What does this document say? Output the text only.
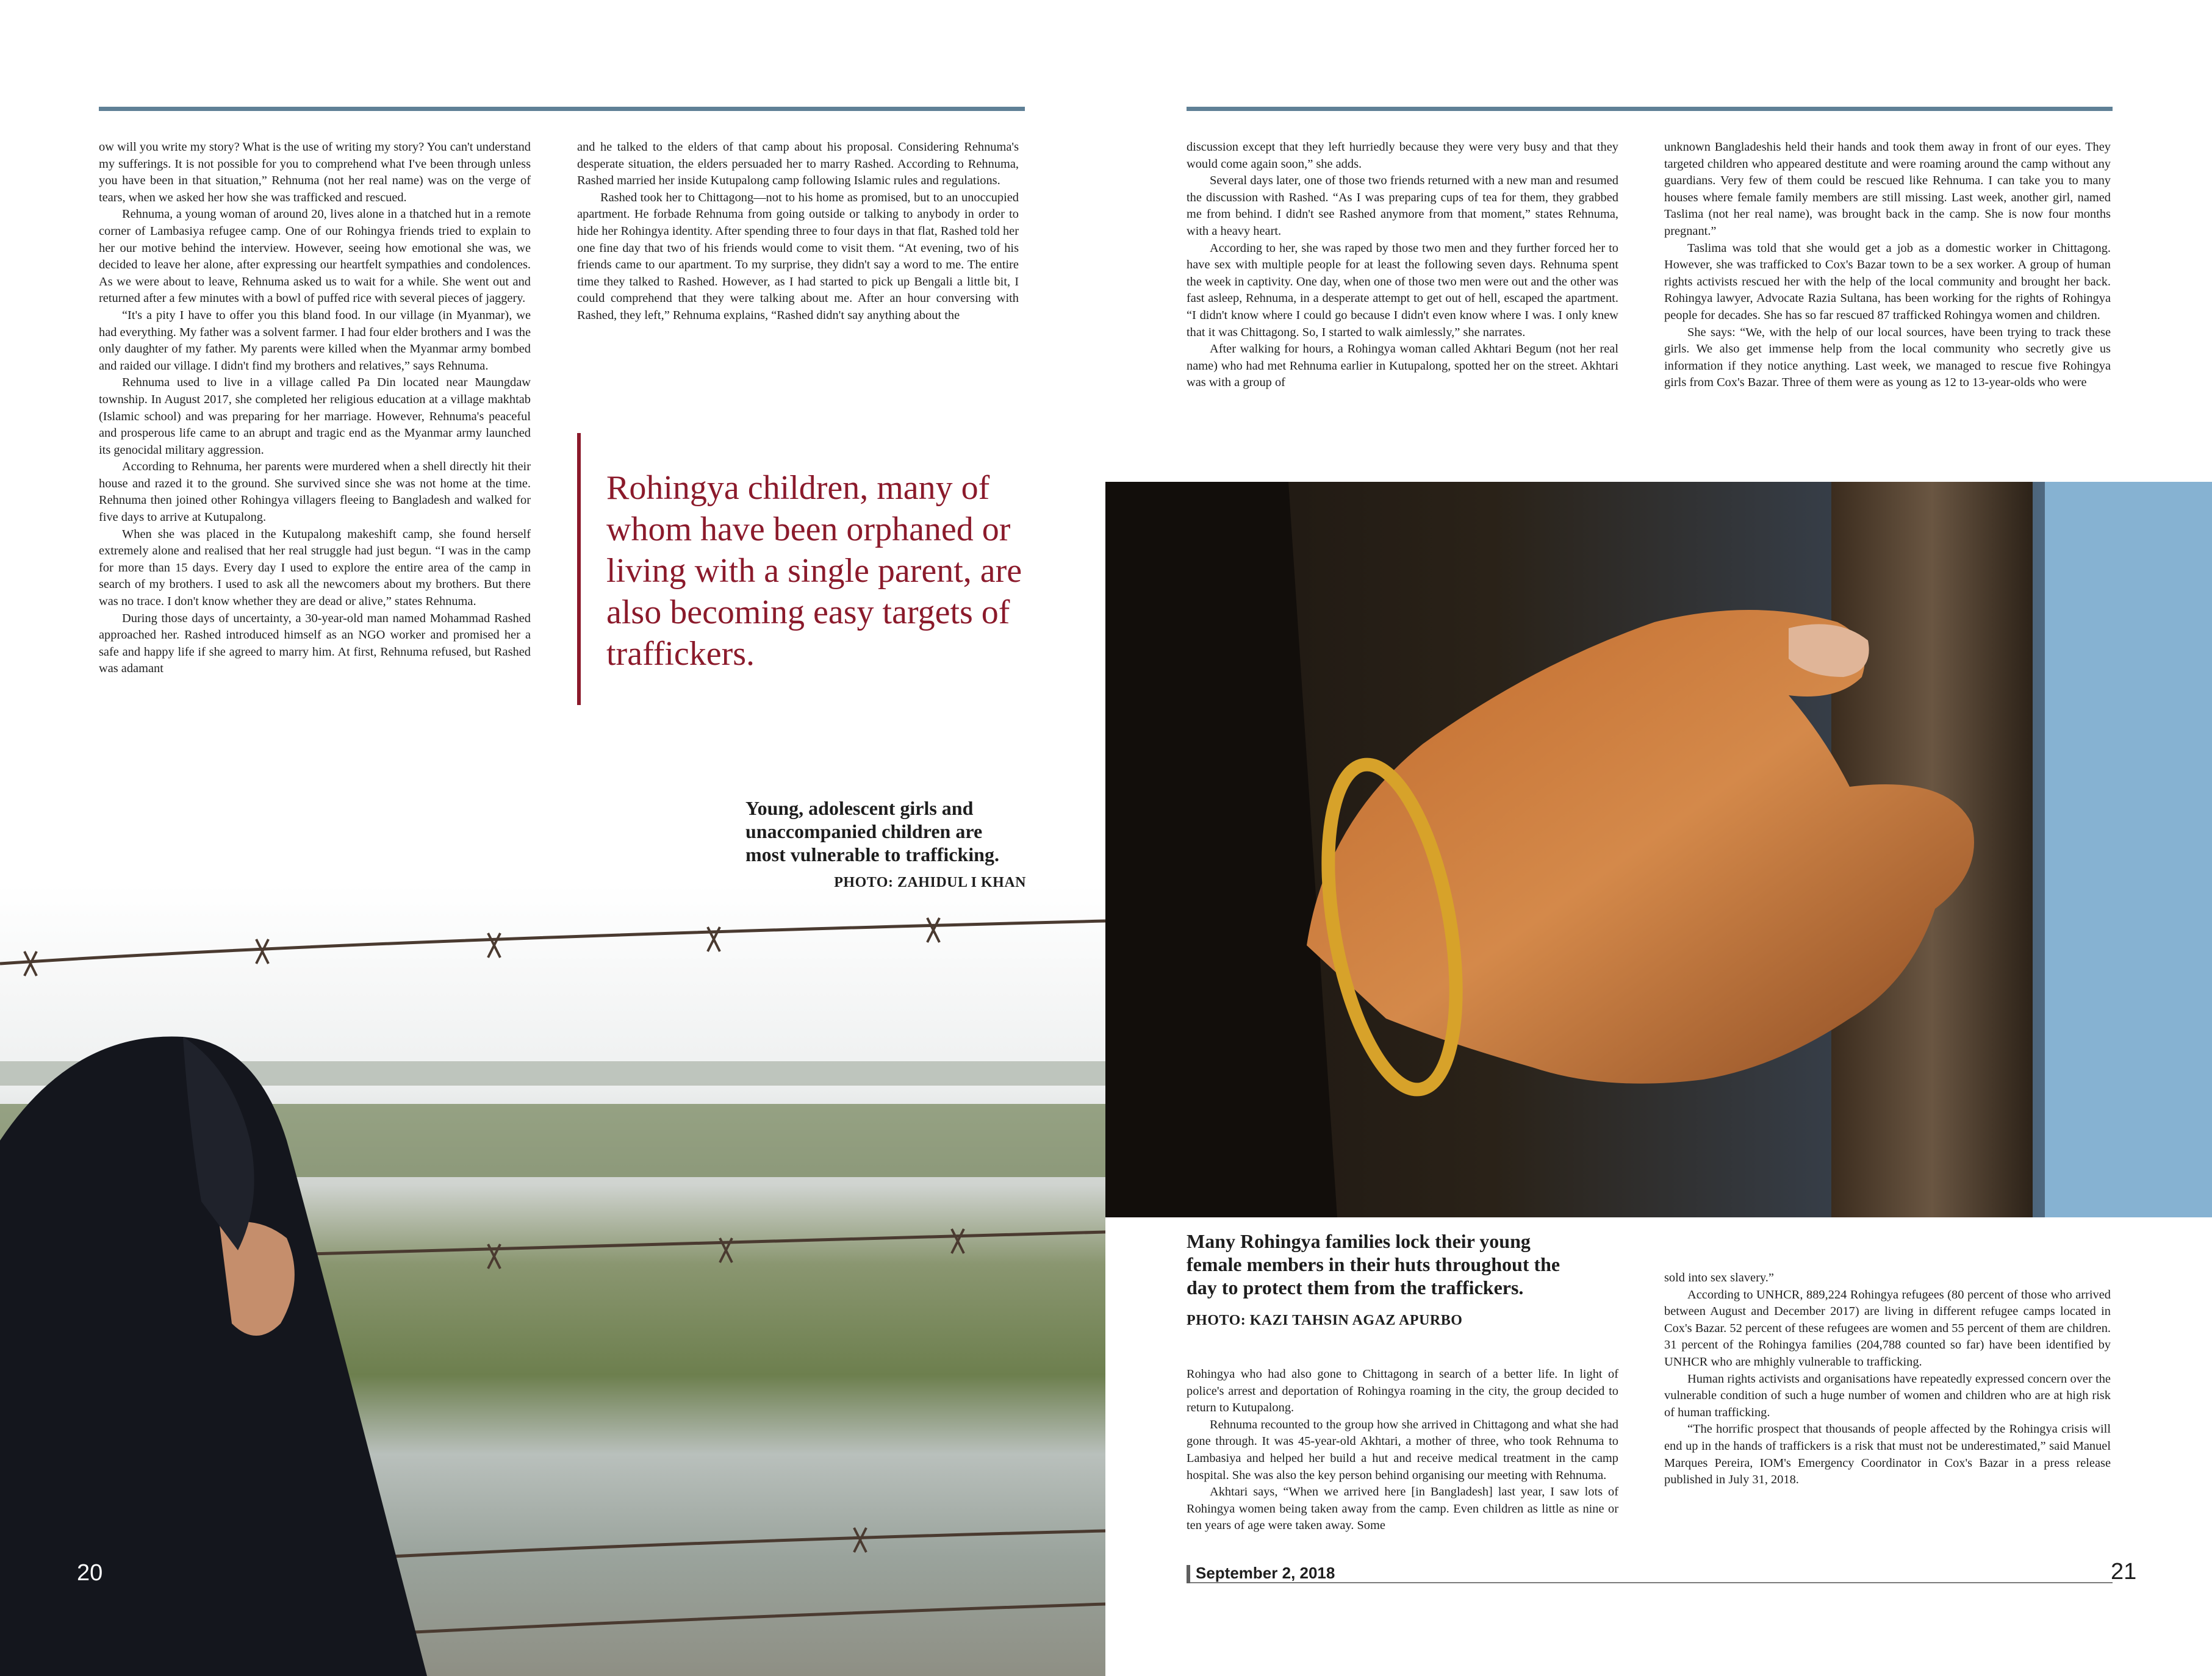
ow will you write my story? What is the use of writing my story? You can't understand my sufferings. It is not possible for you to comprehend what I've been through unless you have been in that situation,” Rehnuma (not her real name) was on the verge of tears, when we asked her how she was trafficked and rescued.

Rehnuma, a young woman of around 20, lives alone in a thatched hut in a remote corner of Lambasiya refugee camp. One of our Rohingya friends tried to explain to her our motive behind the interview. However, seeing how emotional she was, we decided to leave her alone, after expressing our heartfelt sympathies and condolences. As we were about to leave, Rehnuma asked us to wait for a while. She went out and returned after a few minutes with a bowl of puffed rice with several pieces of jaggery.

“It's a pity I have to offer you this bland food. In our village (in Myanmar), we had everything. My father was a solvent farmer. I had four elder brothers and I was the only daughter of my father. My parents were killed when the Myanmar army bombed and raided our village. I didn't find my brothers and relatives,” says Rehnuma.

Rehnuma used to live in a village called Pa Din located near Maungdaw township. In August 2017, she completed her religious education at a village makhtab (Islamic school) and was preparing for her marriage. However, Rehnuma's peaceful and prosperous life came to an abrupt and tragic end as the Myanmar army launched its genocidal military aggression.

According to Rehnuma, her parents were murdered when a shell directly hit their house and razed it to the ground. She survived since she was not home at the time. Rehnuma then joined other Rohingya villagers fleeing to Bangladesh and walked for five days to arrive at Kutupalong.

When she was placed in the Kutupalong makeshift camp, she found herself extremely alone and realised that her real struggle had just begun. “I was in the camp for more than 15 days. Every day I used to explore the entire area of the camp in search of my brothers. I used to ask all the newcomers about my brothers. But there was no trace. I don't know whether they are dead or alive,” states Rehnuma.

During those days of uncertainty, a 30-year-old man named Mohammad Rashed approached her. Rashed introduced himself as an NGO worker and promised her a safe and happy life if she agreed to marry him. At first, Rehnuma refused, but Rashed was adamant

and he talked to the elders of that camp about his proposal. Considering Rehnuma's desperate situation, the elders persuaded her to marry Rashed. According to Rehnuma, Rashed married her inside Kutupalong camp following Islamic rules and regulations.

Rashed took her to Chittagong—not to his home as promised, but to an unoccupied apartment. He forbade Rehnuma from going outside or talking to anybody in order to hide her Rohingya identity. After spending three to four days in that flat, Rashed told her one fine day that two of his friends would come to visit them. “At evening, two of his friends came to our apartment. To my surprise, they didn't say a word to me. The entire time they talked to Rashed. However, as I had started to pick up Bengali a little bit, I could comprehend that they were talking about me. After an hour conversing with Rashed, they left,” Rehnuma explains, “Rashed didn't say anything about the

Rohingya children, many of whom have been orphaned or living with a single parent, are also becoming easy targets of traffickers.
Young, adolescent girls and unaccompanied children are most vulnerable to trafficking.
PHOTO: ZAHIDUL I KHAN
20

discussion except that they left hurriedly because they were very busy and that they would come again soon,” she adds.

Several days later, one of those two friends returned with a new man and resumed the discussion with Rashed. “As I was preparing cups of tea for them, they grabbed me from behind. I didn't see Rashed anymore from that moment,” states Rehnuma, with a heavy heart.

According to her, she was raped by those two men and they further forced her to have sex with multiple people for at least the following seven days. Rehnuma spent the week in captivity. One day, when one of those two men were out and the other was fast asleep, Rehnuma, in a desperate attempt to get out of hell, escaped the apartment. “I didn't know where I could go because I didn't even know where I was. I only knew that it was Chittagong. So, I started to walk aimlessly,” she narrates.

After walking for hours, a Rohingya woman called Akhtari Begum (not her real name) who had met Rehnuma earlier in Kutupalong, spotted her on the street. Akhtari was with a group of

unknown Bangladeshis held their hands and took them away in front of our eyes. They targeted children who appeared destitute and were roaming around the camp without any guardians. Very few of them could be rescued like Rehnuma. I can take you to many houses where female family members are still missing. Last week, another girl, named Taslima (not her real name), was brought back in the camp. She is now four months pregnant.”

Taslima was told that she would get a job as a domestic worker in Chittagong. However, she was trafficked to Cox's Bazar town to be a sex worker. A group of human rights activists rescued her with the help of the local community and brought her back. Rohingya lawyer, Advocate Razia Sultana, has been working for the rights of Rohingya people for decades. She has so far rescued 87 trafficked Rohingya women and children.

She says: “We, with the help of our local sources, have been trying to track these girls. We also get immense help from the local community who secretly give us information if they notice anything. Last week, we managed to rescue five Rohingya girls from Cox's Bazar. Three of them were as young as 12 to 13-year-olds who were

Many Rohingya families lock their young female members in their huts throughout the day to protect them from the traffickers.
PHOTO: KAZI TAHSIN AGAZ APURBO

Rohingya who had also gone to Chittagong in search of a better life. In light of police's arrest and deportation of Rohingya roaming in the city, the group decided to return to Kutupalong.

Rehnuma recounted to the group how she arrived in Chittagong and what she had gone through. It was 45-year-old Akhtari, a mother of three, who took Rehnuma to Lambasiya and helped her build a hut and receive medical treatment in the camp hospital. She was also the key person behind organising our meeting with Rehnuma.

Akhtari says, “When we arrived here [in Bangladesh] last year, I saw lots of Rohingya women being taken away from the camp. Even children as little as nine or ten years of age were taken away. Some

sold into sex slavery.”

According to UNHCR, 889,224 Rohingya refugees (80 percent of those who arrived between August and December 2017) are living in different refugee camps located in Cox's Bazar. 52 percent of these refugees are women and 55 percent of them are children. 31 percent of the Rohingya families (204,788 counted so far) have been identified by UNHCR who are mhighly vulnerable to trafficking.

Human rights activists and organisations have repeatedly expressed concern over the vulnerable condition of such a huge number of women and children who are at high risk of human trafficking.

“The horrific prospect that thousands of people affected by the Rohingya crisis will end up in the hands of traffickers is a risk that must not be underestimated,” said Manuel Marques Pereira, IOM's Emergency Coordinator in Cox's Bazar in a press release published in July 31, 2018.

September 2, 2018	21
